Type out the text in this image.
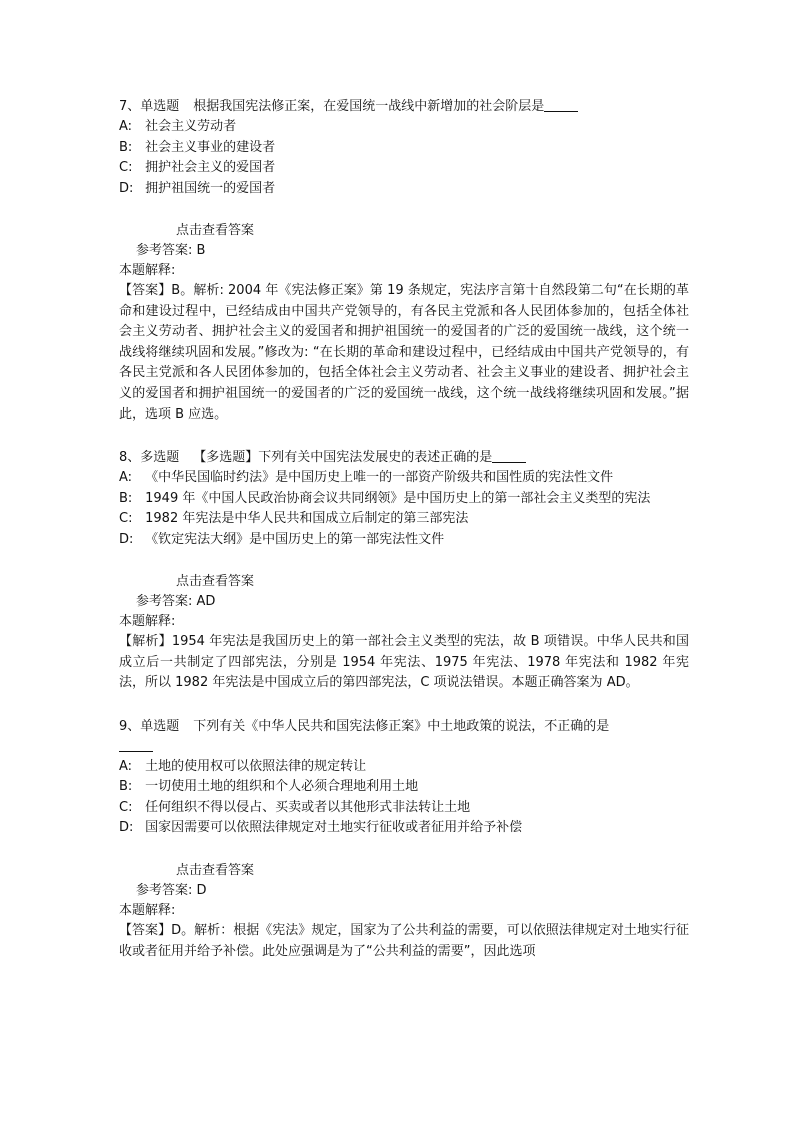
7、单选题 根据我国宪法修正案，在爱国统一战线中新增加的社会阶层是
A: 社会主义劳动者
B: 社会主义事业的建设者
C: 拥护社会主义的爱国者
D: 拥护祖国统一的爱国者
点击查看答案
参考答案: B
本题解释:
【答案】B。解析: 2004 年《宪法修正案》第 19 条规定，宪法序言第十自然段第二句“在长期的革命和建设过程中，已经结成由中国共产党领导的，有各民主党派和各人民团体参加的，包括全体社会主义劳动者、拥护社会主义的爱国者和拥护祖国统一的爱国者的广泛的爱国统一战线，这个统一战线将继续巩固和发展。”修改为: “在长期的革命和建设过程中，已经结成由中国共产党领导的，有各民主党派和各人民团体参加的，包括全体社会主义劳动者、社会主义事业的建设者、拥护社会主义的爱国者和拥护祖国统一的爱国者的广泛的爱国统一战线，这个统一战线将继续巩固和发展。”据此，选项 B 应选。
8、多选题 【多选题】下列有关中国宪法发展史的表述正确的是
A: 《中华民国临时约法》是中国历史上唯一的一部资产阶级共和国性质的宪法性文件
B: 1949 年《中国人民政治协商会议共同纲领》是中国历史上的第一部社会主义类型的宪法
C: 1982 年宪法是中华人民共和国成立后制定的第三部宪法
D: 《钦定宪法大纲》是中国历史上的第一部宪法性文件
点击查看答案
参考答案: AD
本题解释:
【解析】1954 年宪法是我国历史上的第一部社会主义类型的宪法，故 B 项错误。中华人民共和国成立后一共制定了四部宪法，分别是 1954 年宪法、1975 年宪法、1978 年宪法和 1982 年宪法，所以 1982 年宪法是中国成立后的第四部宪法，C 项说法错误。本题正确答案为 AD。
9、单选题 下列有关《中华人民共和国宪法修正案》中土地政策的说法，不正确的是
A: 土地的使用权可以依照法律的规定转让
B: 一切使用土地的组织和个人必须合理地利用土地
C: 任何组织不得以侵占、买卖或者以其他形式非法转让土地
D: 国家因需要可以依照法律规定对土地实行征收或者征用并给予补偿
点击查看答案
参考答案: D
本题解释:
【答案】D。解析：根据《宪法》规定，国家为了公共利益的需要，可以依照法律规定对土地实行征收或者征用并给予补偿。此处应强调是为了“公共利益的需要”，因此选项
